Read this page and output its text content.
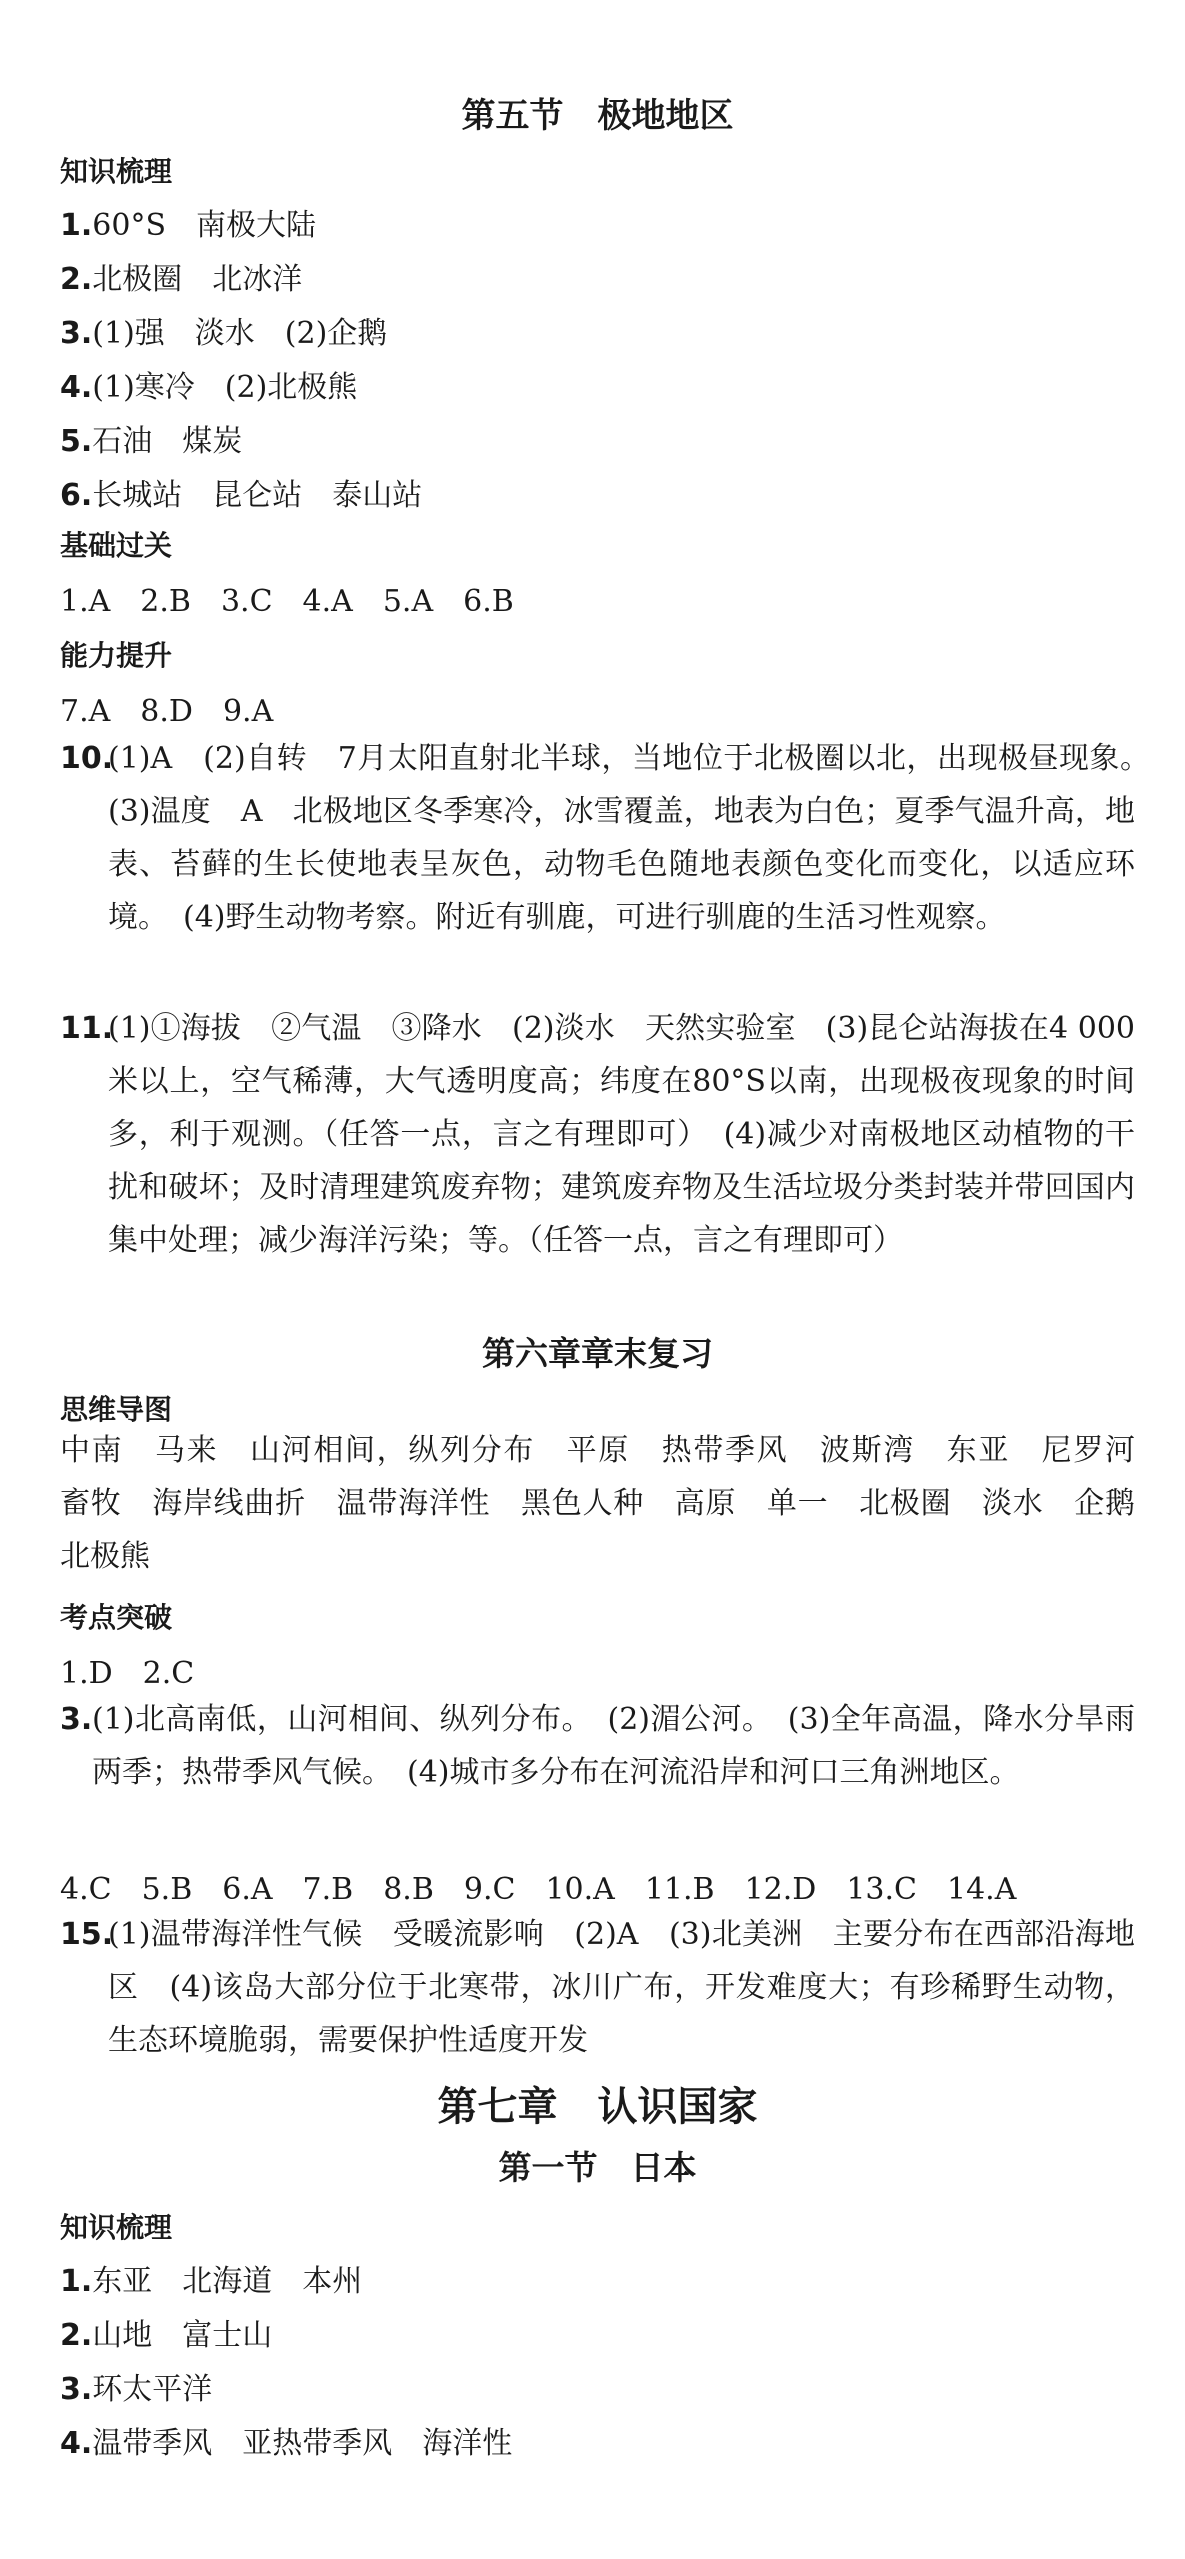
第五节　极地地区
知识梳理
1.60°S　南极大陆
2.北极圈　北冰洋
3.(1)强　淡水　(2)企鹅
4.(1)寒冷　(2)北极熊
5.石油　煤炭
6.长城站　昆仑站　泰山站
基础过关
1.A　2.B　3.C　4.A　5.A　6.B
能力提升
7.A　8.D　9.A
10.
(1)A　(2)自转　7月太阳直射北半球，当地位于北极圈以北，出现极昼现象。　(3)温度　A　北极地区冬季寒冷，冰雪覆盖，地表为白色；夏季气温升高，地表、苔藓的生长使地表呈灰色，动物毛色随地表颜色变化而变化，以适应环境。　(4)野生动物考察。附近有驯鹿，可进行驯鹿的生活习性观察。
11.
(1)①海拔　②气温　③降水　(2)淡水　天然实验室　(3)昆仑站海拔在4 000米以上，空气稀薄，大气透明度高；纬度在80°S以南，出现极夜现象的时间多，利于观测。（任答一点，言之有理即可）　(4)减少对南极地区动植物的干扰和破坏；及时清理建筑废弃物；建筑废弃物及生活垃圾分类封装并带回国内集中处理；减少海洋污染；等。（任答一点，言之有理即可）
第六章章末复习
思维导图
中南　马来　山河相间，纵列分布　平原　热带季风　波斯湾　东亚　尼罗河　畜牧　海岸线曲折　温带海洋性　黑色人种　高原　单一　北极圈　淡水　企鹅　北极熊
考点突破
1.D　2.C
3. (1)北高南低，山河相间、纵列分布。　(2)湄公河。　(3)全年高温，降水分旱雨两季；热带季风气候。　(4)城市多分布在河流沿岸和河口三角洲地区。
4.C　5.B　6.A　7.B　8.B　9.C　10.A　11.B　12.D　13.C　14.A
15.
(1)温带海洋性气候　受暖流影响　(2)A　(3)北美洲　主要分布在西部沿海地区　(4)该岛大部分位于北寒带，冰川广布，开发难度大；有珍稀野生动物，生态环境脆弱，需要保护性适度开发
第七章　认识国家
第一节　日本
知识梳理
1.东亚　北海道　本州
2.山地　富士山
3.环太平洋
4.温带季风　亚热带季风　海洋性
